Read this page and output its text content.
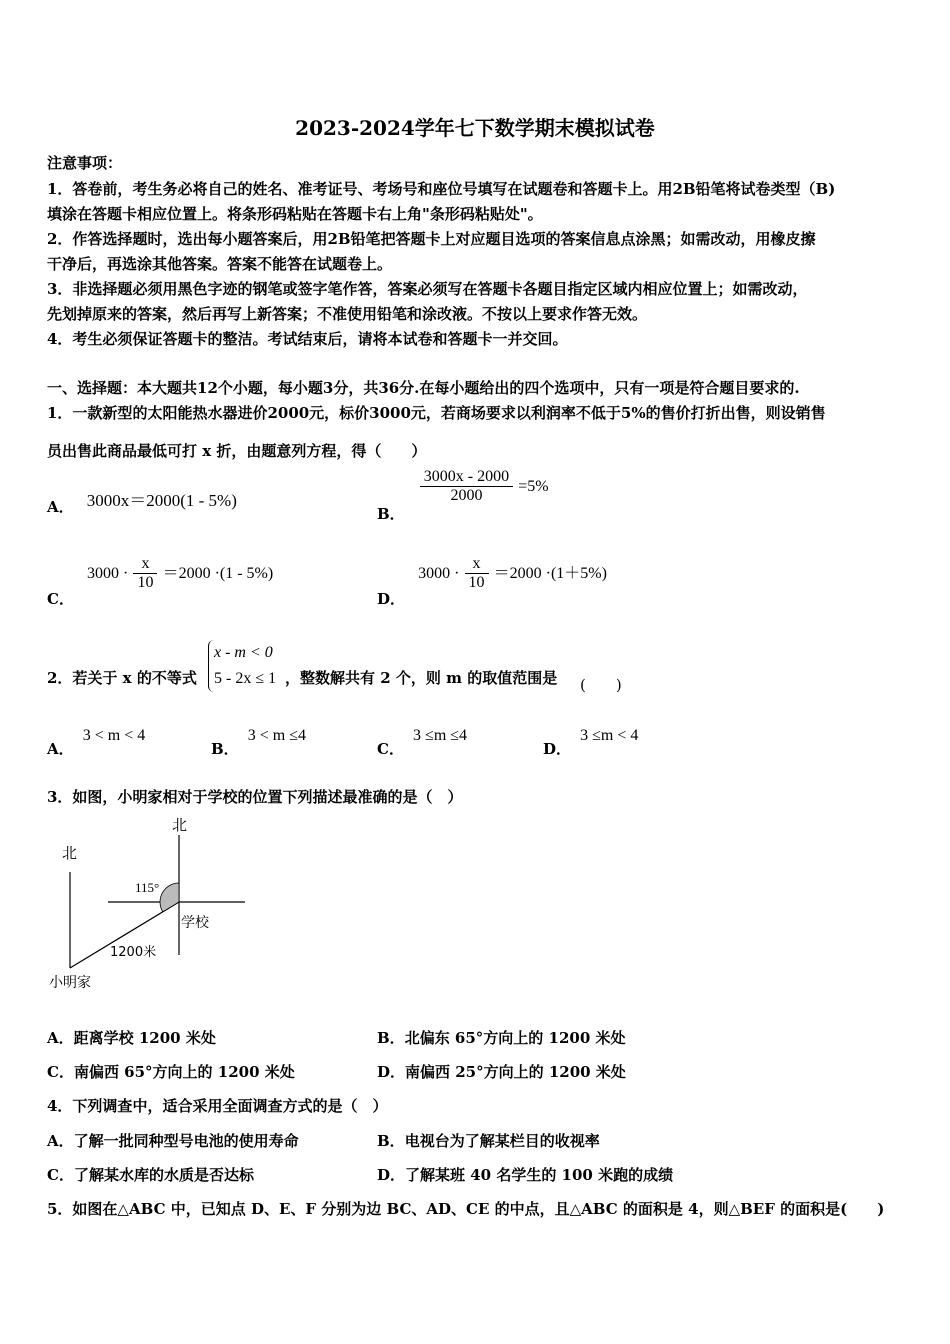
2023-2024学年七下数学期末模拟试卷
注意事项：
1．答卷前，考生务必将自己的姓名、准考证号、考场号和座位号填写在试题卷和答题卡上。用2B铅笔将试卷类型（B)
填涂在答题卡相应位置上。将条形码粘贴在答题卡右上角"条形码粘贴处"。
2．作答选择题时，选出每小题答案后，用2B铅笔把答题卡上对应题目选项的答案信息点涂黑；如需改动，用橡皮擦
干净后，再选涂其他答案。答案不能答在试题卷上。
3．非选择题必须用黑色字迹的钢笔或签字笔作答，答案必须写在答题卡各题目指定区域内相应位置上；如需改动，
先划掉原来的答案，然后再写上新答案；不准使用铅笔和涂改液。不按以上要求作答无效。
4．考生必须保证答题卡的整洁。考试结束后，请将本试卷和答题卡一并交回。
一、选择题：本大题共12个小题，每小题3分，共36分.在每小题给出的四个选项中，只有一项是符合题目要求的.
1．一款新型的太阳能热水器进价2000元，标价3000元，若商场要求以利润率不低于5%的售价打折出售，则设销售
员出售此商品最低可打 x 折，由题意列方程，得（　　）
A． 3000x＝2000(1 - 5%)
B．
$\frac{3000x - 2000}{2000} =5\%$
C． $3000 \cdot \frac{x}{10} =2000 \cdot(1 - 5\%)$
D． $3000 \cdot \frac{x}{10} =2000 \cdot(1+5\%)$
2．若关于 x 的不等式
x - m < 0
5 - 2x ≤ 1 ，整数解共有 2 个，则 m 的取值范围是 (　　)
A． 3 < m < 4
B． 3 < m ≤4
C． 3 ≤m ≤4
D． 3 ≤m < 4
3．如图，小明家相对于学校的位置下列描述最准确的是（　）
北
北
115°
学校
1200米
小明家
A．距离学校 1200 米处	B．北偏东 65°方向上的 1200 米处
C．南偏西 65°方向上的 1200 米处	D．南偏西 25°方向上的 1200 米处
4．下列调查中，适合采用全面调查方式的是（　）
A．了解一批同种型号电池的使用寿命	B．电视台为了解某栏目的收视率
C．了解某水库的水质是否达标	D．了解某班 40 名学生的 100 米跑的成绩
5．如图在△ABC 中，已知点 D、E、F 分别为边 BC、AD、CE 的中点，且△ABC 的面积是 4，则△BEF 的面积是(　　)
